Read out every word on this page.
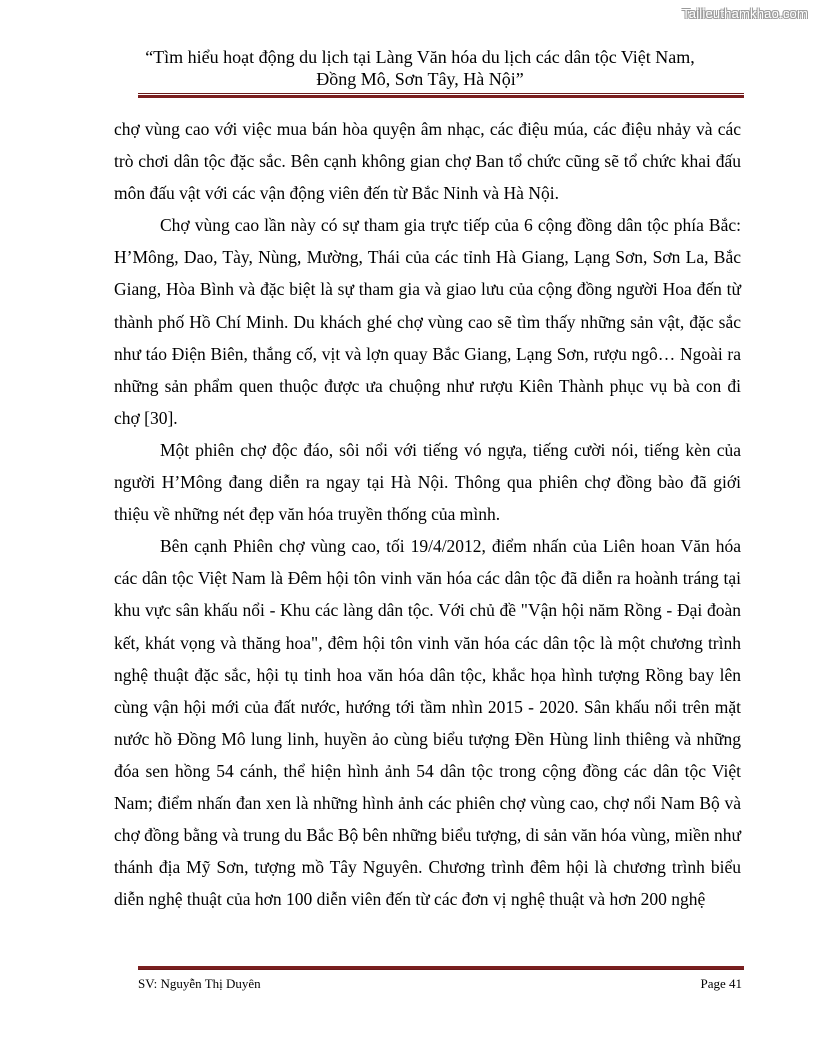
Tailieuthamkhao.com
“Tìm hiểu hoạt động du lịch tại Làng Văn hóa du lịch các dân tộc Việt Nam,
Đồng Mô, Sơn Tây, Hà Nội”

chợ vùng cao với việc mua bán hòa quyện âm nhạc, các điệu múa, các điệu nhảy và các trò chơi dân tộc đặc sắc. Bên cạnh không gian chợ Ban tổ chức cũng sẽ tổ chức khai đấu môn đấu vật với các vận động viên đến từ Bắc Ninh và Hà Nội.

Chợ vùng cao lần này có sự tham gia trực tiếp của 6 cộng đồng dân tộc phía Bắc: H’Mông, Dao, Tày, Nùng, Mường, Thái của các tỉnh Hà Giang, Lạng Sơn, Sơn La, Bắc Giang, Hòa Bình và đặc biệt là sự tham gia và giao lưu của cộng đồng người Hoa đến từ thành phố Hồ Chí Minh. Du khách ghé chợ vùng cao sẽ tìm thấy những sản vật, đặc sắc như táo Điện Biên, thắng cố, vịt và lợn quay Bắc Giang, Lạng Sơn, rượu ngô… Ngoài ra những sản phẩm quen thuộc được ưa chuộng như rượu Kiên Thành phục vụ bà con đi chợ [30].

Một phiên chợ độc đáo, sôi nổi với tiếng vó ngựa, tiếng cười nói, tiếng kèn của người H’Mông đang diễn ra ngay tại Hà Nội. Thông qua phiên chợ đồng bào đã giới thiệu về những nét đẹp văn hóa truyền thống của mình.

Bên cạnh Phiên chợ vùng cao, tối 19/4/2012, điểm nhấn của Liên hoan Văn hóa các dân tộc Việt Nam là Đêm hội tôn vinh văn hóa các dân tộc đã diễn ra hoành tráng tại khu vực sân khấu nổi - Khu các làng dân tộc. Với chủ đề "Vận hội năm Rồng - Đại đoàn kết, khát vọng và thăng hoa", đêm hội tôn vinh văn hóa các dân tộc là một chương trình nghệ thuật đặc sắc, hội tụ tinh hoa văn hóa dân tộc, khắc họa hình tượng Rồng bay lên cùng vận hội mới của đất nước, hướng tới tầm nhìn 2015 - 2020. Sân khấu nổi trên mặt nước hồ Đồng Mô lung linh, huyền ảo cùng biểu tượng Đền Hùng linh thiêng và những đóa sen hồng 54 cánh, thể hiện hình ảnh 54 dân tộc trong cộng đồng các dân tộc Việt Nam; điểm nhấn đan xen là những hình ảnh các phiên chợ vùng cao, chợ nổi Nam Bộ và chợ đồng bằng và trung du Bắc Bộ bên những biểu tượng, di sản văn hóa vùng, miền như thánh địa Mỹ Sơn, tượng mồ Tây Nguyên. Chương trình đêm hội là chương trình biểu diễn nghệ thuật của hơn 100 diễn viên đến từ các đơn vị nghệ thuật và hơn 200 nghệ

SV: Nguyễn Thị Duyên	Page 41
